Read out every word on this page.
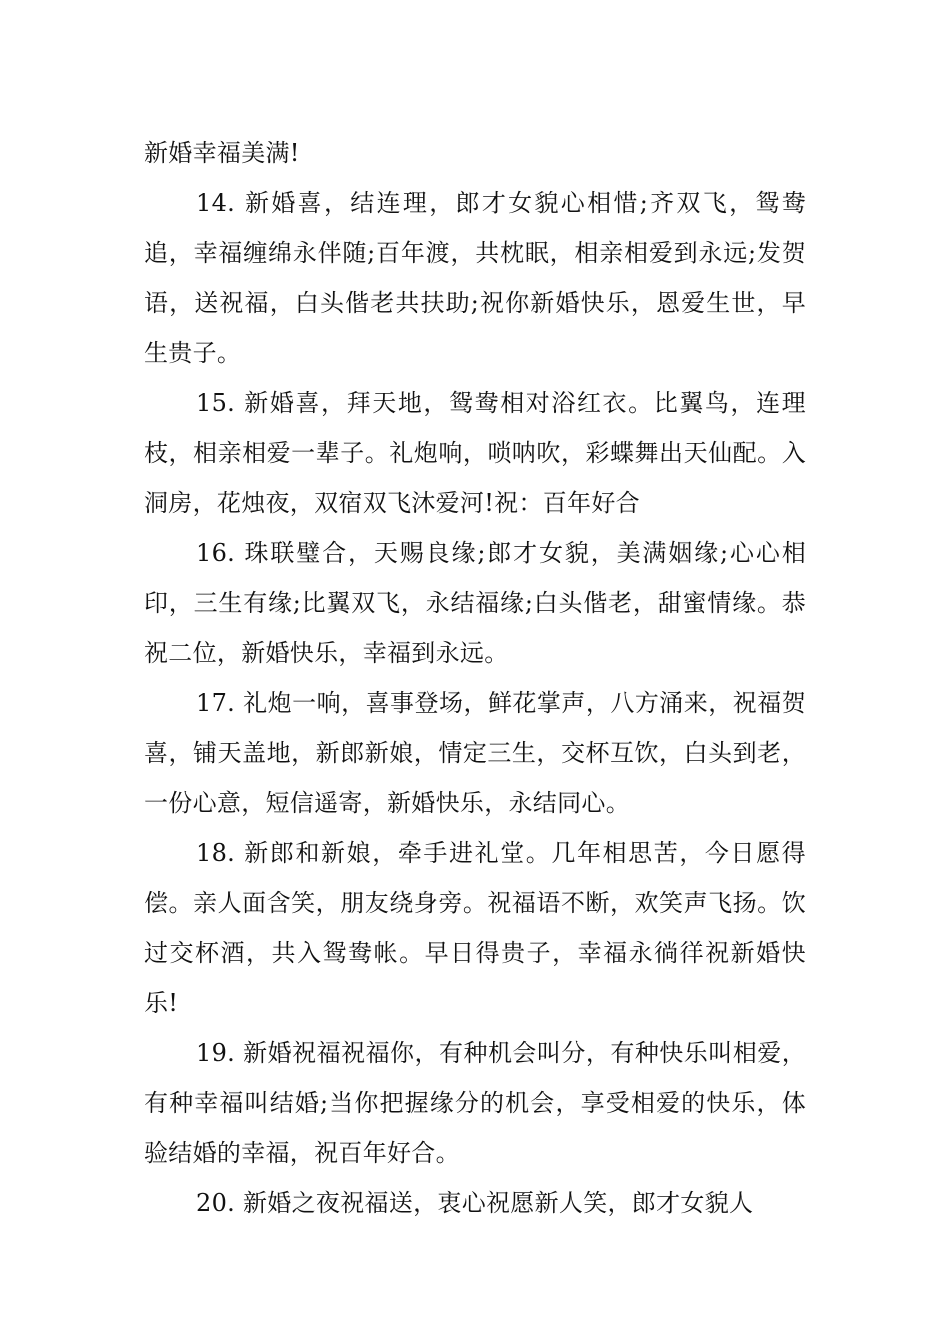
新婚幸福美满!

14. 新婚喜，结连理，郎才女貌心相惜;齐双飞，鸳鸯追，幸福缠绵永伴随;百年渡，共枕眠，相亲相爱到永远;发贺语，送祝福，白头偕老共扶助;祝你新婚快乐，恩爱生世，早生贵子。

15. 新婚喜，拜天地，鸳鸯相对浴红衣。比翼鸟，连理枝，相亲相爱一辈子。礼炮响，唢呐吹，彩蝶舞出天仙配。入洞房，花烛夜，双宿双飞沐爱河!祝：百年好合

16. 珠联璧合，天赐良缘;郎才女貌，美满姻缘;心心相印，三生有缘;比翼双飞，永结福缘;白头偕老，甜蜜情缘。恭祝二位，新婚快乐，幸福到永远。

17. 礼炮一响，喜事登场，鲜花掌声，八方涌来，祝福贺喜，铺天盖地，新郎新娘，情定三生，交杯互饮，白头到老，一份心意，短信遥寄，新婚快乐，永结同心。

18. 新郎和新娘，牵手进礼堂。几年相思苦，今日愿得偿。亲人面含笑，朋友绕身旁。祝福语不断，欢笑声飞扬。饮过交杯酒，共入鸳鸯帐。早日得贵子，幸福永徜徉祝新婚快乐!

19. 新婚祝福祝福你，有种机会叫分，有种快乐叫相爱，有种幸福叫结婚;当你把握缘分的机会，享受相爱的快乐，体验结婚的幸福，祝百年好合。

20. 新婚之夜祝福送，衷心祝愿新人笑，郎才女貌人
